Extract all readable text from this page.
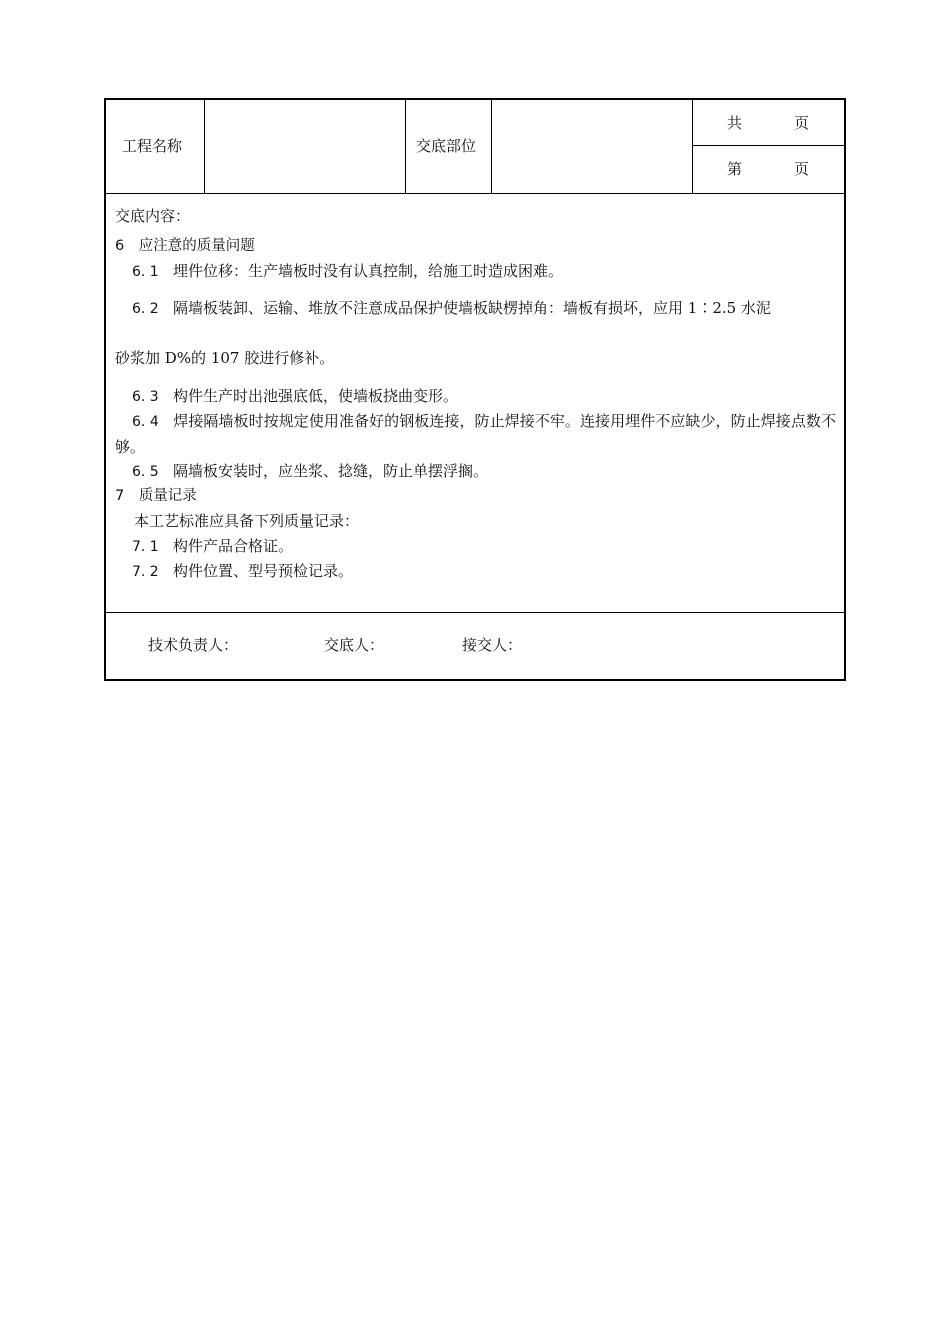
工程名称	交底部位
共	页
第	页
交底内容：
6　应注意的质量问题
6. 1 埋件位移：生产墙板时没有认真控制，给施工时造成困难。
6. 2 隔墙板装卸、运输、堆放不注意成品保护使墙板缺楞掉角：墙板有损坏，应用 1∶2.5 水泥
砂浆加 D%的 107 胶进行修补。
6. 3 构件生产时出池强底低，使墙板挠曲变形。
6. 4 焊接隔墙板时按规定使用准备好的钢板连接，防止焊接不牢。连接用埋件不应缺少，防止焊接点数不够。
6. 5 隔墙板安装时，应坐浆、捻缝，防止单摆浮搁。
7　质量记录
本工艺标准应具备下列质量记录：
7. 1 构件产品合格证。
7. 2 构件位置、型号预检记录。
技术负责人：	交底人：	接交人：
